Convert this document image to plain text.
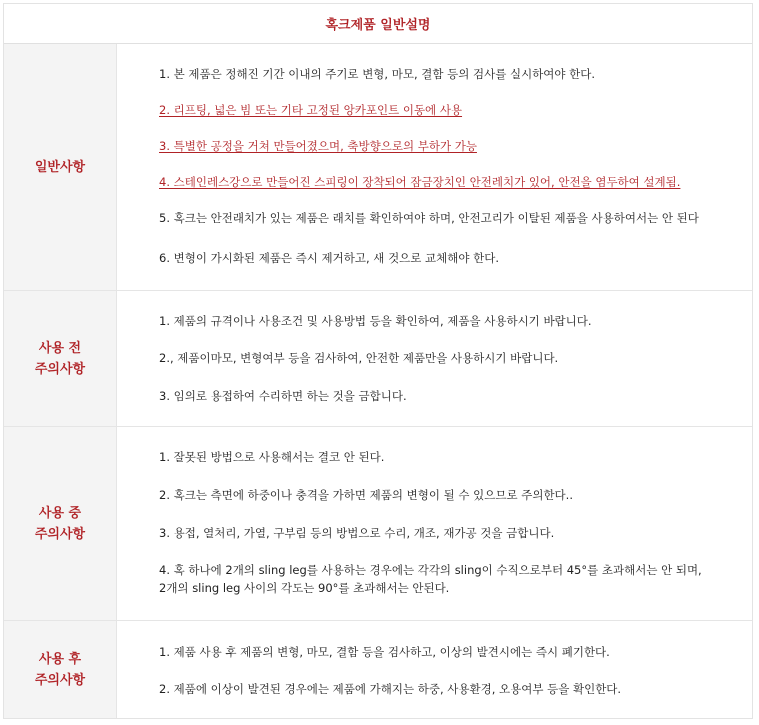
혹크제품 일반설명
일반사항
1. 본 제품은 정해진 기간 이내의 주기로 변형, 마모, 결함 등의 검사를 실시하여야 한다.
2. 리프팅, 넓은 빔 또는 기타 고정된 앙카포인트 이동에 사용
3. 특별한 공정을 거쳐 만들어졌으며, 축방향으로의 부하가 가능
4. 스테인레스강으로 만들어진 스피링이 장착되어 잠금장치인 안전레치가 있어, 안전을 염두하여 설계됨.
5. 혹크는 안전래치가 있는 제품은 래치를 확인하여야 하며, 안전고리가 이탈된 제품을 사용하여서는 안 된다
6. 변형이 가시화된 제품은 즉시 제거하고, 새 것으로 교체해야 한다.
사용 전
주의사항
1. 제품의 규격이나 사용조건 및 사용방법 등을 확인하여, 제품을 사용하시기 바랍니다.
2., 제품이마모, 변형여부 등을 검사하여, 안전한 제품만을 사용하시기 바랍니다.
3. 임의로 용접하여 수리하면 하는 것을 금합니다.
사용 중
주의사항
1. 잘못된 방법으로 사용해서는 결코 안 된다.
2. 혹크는 측면에 하중이나 충격을 가하면 제품의 변형이 될 수 있으므로 주의한다..
3. 용접, 열처리, 가열, 구부림 등의 방법으로 수리, 개조, 재가공 것을 금합니다.
4. 혹 하나에 2개의 sling leg를 사용하는 경우에는 각각의 sling이 수직으로부터 45°를 초과해서는 안 되며,
2개의 sling leg 사이의 각도는 90°를 초과해서는 안된다.
사용 후
주의사항
1. 제품 사용 후 제품의 변형, 마모, 결함 등을 검사하고, 이상의 발견시에는 즉시 폐기한다.
2. 제품에 이상이 발견된 경우에는 제품에 가해지는 하중, 사용환경, 오용여부 등을 확인한다.
